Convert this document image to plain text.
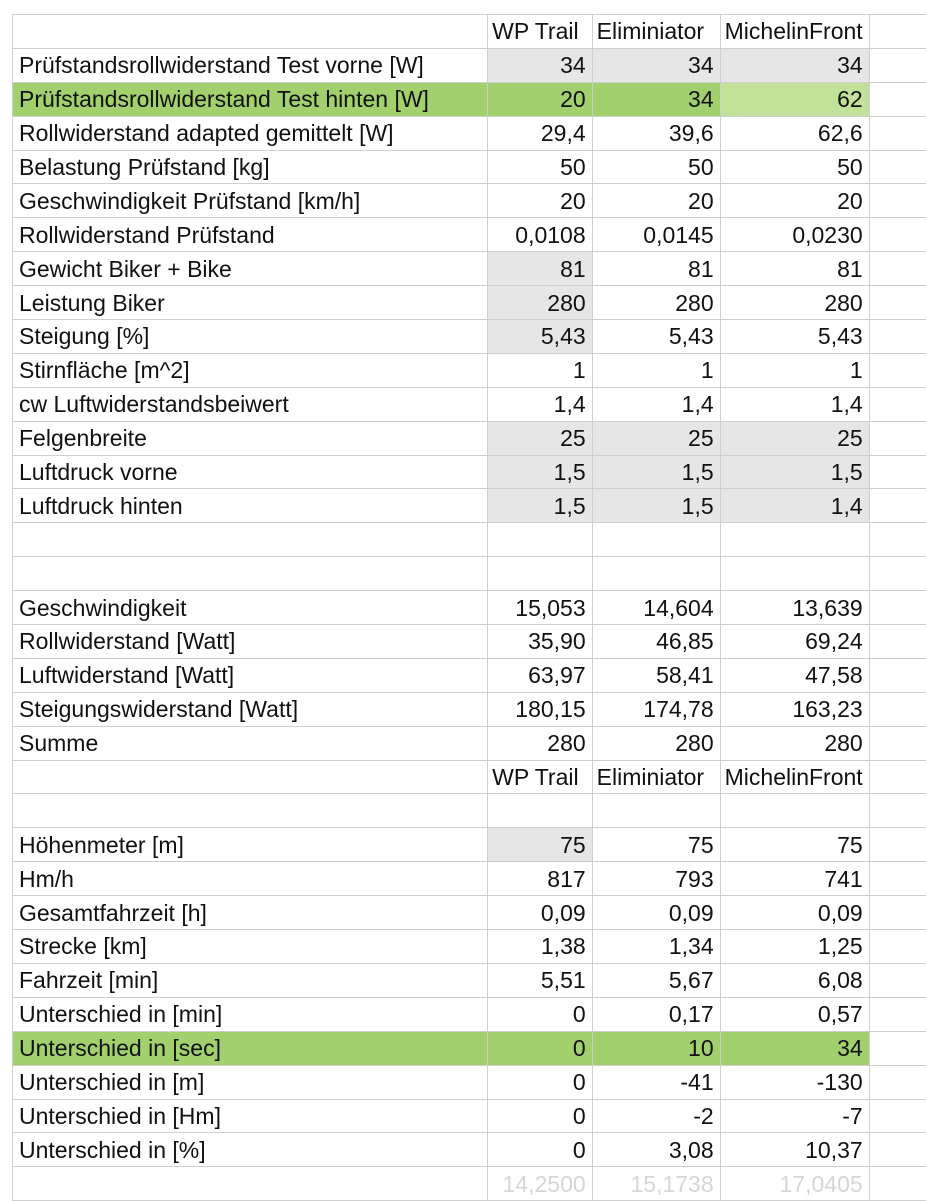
	WP Trail	Eliminiator	MichelinFront	
Prüfstandsrollwiderstand Test vorne [W]	34	34	34	
Prüfstandsrollwiderstand Test hinten [W]	20	34	62	
Rollwiderstand adapted gemittelt [W]	29,4	39,6	62,6	
Belastung Prüfstand [kg]	50	50	50	
Geschwindigkeit Prüfstand [km/h]	20	20	20	
Rollwiderstand Prüfstand	0,0108	0,0145	0,0230	
Gewicht Biker + Bike	81	81	81	
Leistung Biker	280	280	280	
Steigung [%]	5,43	5,43	5,43	
Stirnfläche [m^2]	1	1	1	
cw Luftwiderstandsbeiwert	1,4	1,4	1,4	
Felgenbreite	25	25	25	
Luftdruck vorne	1,5	1,5	1,5	
Luftdruck hinten	1,5	1,5	1,4	

Geschwindigkeit	15,053	14,604	13,639	
Rollwiderstand [Watt]	35,90	46,85	69,24	
Luftwiderstand [Watt]	63,97	58,41	47,58	
Steigungswiderstand [Watt]	180,15	174,78	163,23	
Summe	280	280	280	
	WP Trail	Eliminiator	MichelinFront	

Höhenmeter [m]	75	75	75	
Hm/h	817	793	741	
Gesamtfahrzeit [h]	0,09	0,09	0,09	
Strecke [km]	1,38	1,34	1,25	
Fahrzeit [min]	5,51	5,67	6,08	
Unterschied in [min]	0	0,17	0,57	
Unterschied in [sec]	0	10	34	
Unterschied in [m]	0	-41	-130	
Unterschied in [Hm]	0	-2	-7	
Unterschied in [%]	0	3,08	10,37	
	14,2500	15,1738	17,0405	
